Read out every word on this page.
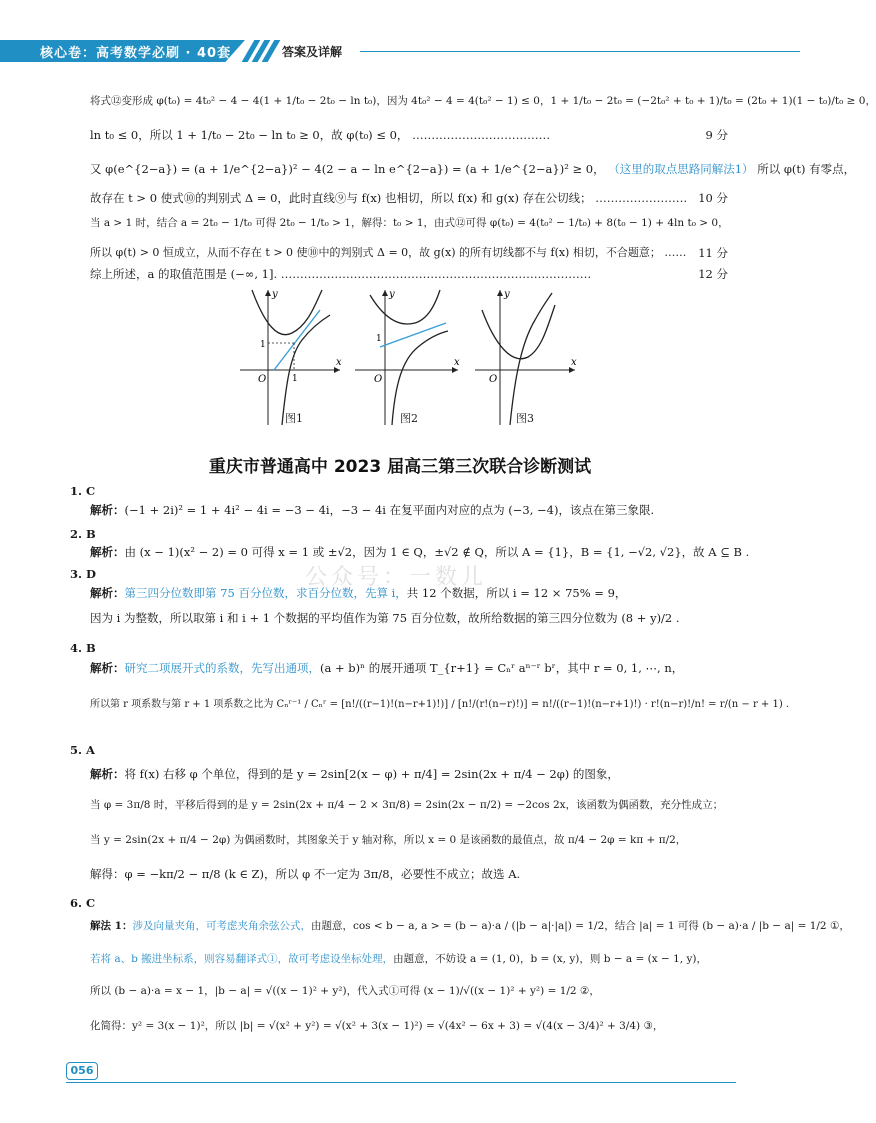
核心卷：高考数学必刷 · 40套	答案及详解
将式⑫变形成 φ(t₀) = 4t₀² − 4 − 4(1 + 1/t₀ − 2t₀ − ln t₀)，因为 4t₀² − 4 = 4(t₀² − 1) ≤ 0，1 + 1/t₀ − 2t₀ = (−2t₀² + t₀ + 1)/t₀ = (2t₀ + 1)(1 − t₀)/t₀ ≥ 0，
ln t₀ ≤ 0，所以 1 + 1/t₀ − 2t₀ − ln t₀ ≥ 0，故 φ(t₀) ≤ 0， ………………………………	9 分
又 φ(e^{2−a}) = (a + 1/e^{2−a})² − 4(2 − a − ln e^{2−a}) = (a + 1/e^{2−a})² ≥ 0， （这里的取点思路同解法1） 所以 φ(t) 有零点，
故存在 t > 0 使式⑩的判别式 Δ = 0，此时直线⑨与 f(x) 也相切，所以 f(x) 和 g(x) 存在公切线； …………………… 10 分
当 a > 1 时，结合 a = 2t₀ − 1/t₀ 可得 2t₀ − 1/t₀ > 1，解得：t₀ > 1，由式⑫可得 φ(t₀) = 4(t₀² − 1/t₀) + 8(t₀ − 1) + 4ln t₀ > 0，
所以 φ(t) > 0 恒成立，从而不存在 t > 0 使⑩中的判别式 Δ = 0，故 g(x) 的所有切线都不与 f(x) 相切，不合题意； ……	11 分
综上所述，a 的取值范围是 (−∞, 1]. ………………………………………………………………………	12 分
y
x
O
1
1
y
x
O
1
y
x
O
图1	图2	图3
重庆市普通高中 2023 届高三第三次联合诊断测试
公众号：一数儿
1. C
解析：(−1 + 2i)² = 1 + 4i² − 4i = −3 − 4i，−3 − 4i 在复平面内对应的点为 (−3, −4)，该点在第三象限.
2. B
解析：由 (x − 1)(x² − 2) = 0 可得 x = 1 或 ±√2，因为 1 ∈ Q，±√2 ∉ Q，所以 A = {1}，B = {1, −√2, √2}，故 A ⊆ B .
3. D
解析：第三四分位数即第 75 百分位数，求百分位数，先算 i，共 12 个数据，所以 i = 12 × 75% = 9，
因为 i 为整数，所以取第 i 和 i + 1 个数据的平均值作为第 75 百分位数，故所给数据的第三四分位数为 (8 + y)/2 .
4. B
解析：研究二项展开式的系数，先写出通项，(a + b)ⁿ 的展开通项 T_{r+1} = Cₙʳ aⁿ⁻ʳ bʳ，其中 r = 0, 1, ⋯, n，
所以第 r 项系数与第 r + 1 项系数之比为 Cₙʳ⁻¹ / Cₙʳ = [n!/((r−1)!(n−r+1)!)] / [n!/(r!(n−r)!)] = n!/((r−1)!(n−r+1)!) · r!(n−r)!/n! = r/(n − r + 1) .
5. A
解析：将 f(x) 右移 φ 个单位，得到的是 y = 2sin[2(x − φ) + π/4] = 2sin(2x + π/4 − 2φ) 的图象，
当 φ = 3π/8 时，平移后得到的是 y = 2sin(2x + π/4 − 2 × 3π/8) = 2sin(2x − π/2) = −2cos 2x，该函数为偶函数，充分性成立；
当 y = 2sin(2x + π/4 − 2φ) 为偶函数时，其图象关于 y 轴对称，所以 x = 0 是该函数的最值点，故 π/4 − 2φ = kπ + π/2，
解得：φ = −kπ/2 − π/8 (k ∈ Z)，所以 φ 不一定为 3π/8，必要性不成立；故选 A.
6. C
解法 1：涉及向量夹角，可考虑夹角余弦公式，由题意，cos < b − a, a > = (b − a)·a / (|b − a|·|a|) = 1/2，结合 |a| = 1 可得 (b − a)·a / |b − a| = 1/2 ①，
若将 a、b 搬进坐标系，则容易翻译式①，故可考虑设坐标处理，由题意，不妨设 a = (1, 0)，b = (x, y)，则 b − a = (x − 1, y)，
所以 (b − a)·a = x − 1，|b − a| = √((x − 1)² + y²)，代入式①可得 (x − 1)/√((x − 1)² + y²) = 1/2 ②，
化简得：y² = 3(x − 1)²，所以 |b| = √(x² + y²) = √(x² + 3(x − 1)²) = √(4x² − 6x + 3) = √(4(x − 3/4)² + 3/4) ③，
056
